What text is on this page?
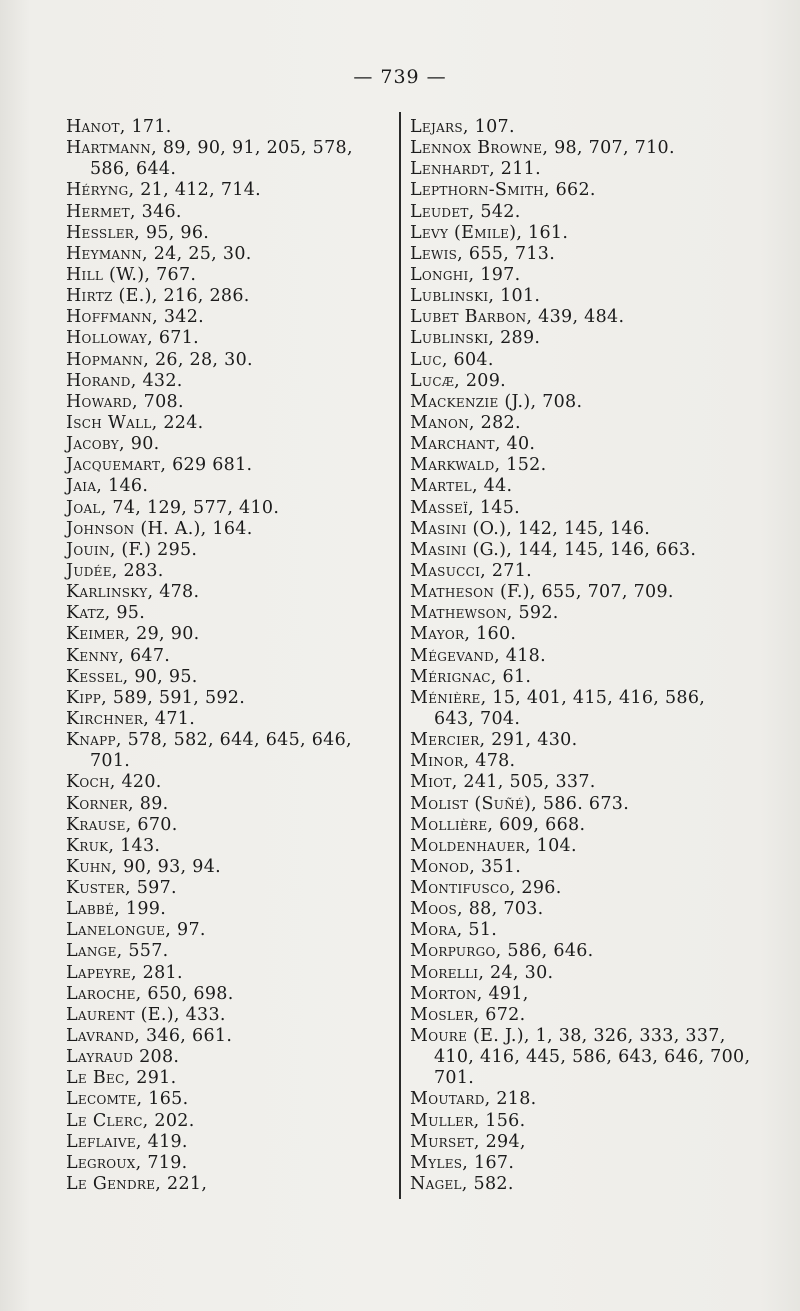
— 739 —

Hanot, 171.

Hartmann, 89, 90, 91, 205, 578,

586, 644.

Héryng, 21, 412, 714.

Hermet, 346.

Hessler, 95, 96.

Heymann, 24, 25, 30.

Hill (W.), 767.

Hirtz (E.), 216, 286.

Hoffmann, 342.

Holloway, 671.

Hopmann, 26, 28, 30.

Horand, 432.

Howard, 708.

Isch Wall, 224.

Jacoby, 90.

Jacquemart, 629 681.

Jaia, 146.

Joal, 74, 129, 577, 410.

Johnson (H. A.), 164.

Jouin, (F.) 295.

Judée, 283.

Karlinsky, 478.

Katz, 95.

Keimer, 29, 90.

Kenny, 647.

Kessel, 90, 95.

Kipp, 589, 591, 592.

Kirchner, 471.

Knapp, 578, 582, 644, 645, 646,

701.

Koch, 420.

Korner, 89.

Krause, 670.

Kruk, 143.

Kuhn, 90, 93, 94.

Kuster, 597.

Labbé, 199.

Lanelongue, 97.

Lange, 557.

Lapeyre, 281.

Laroche, 650, 698.

Laurent (E.), 433.

Lavrand, 346, 661.

Layraud 208.

Le Bec, 291.

Lecomte, 165.

Le Clerc, 202.

Leflaive, 419.

Legroux, 719.

Le Gendre, 221,

Lejars, 107.

Lennox Browne, 98, 707, 710.

Lenhardt, 211.

Lepthorn-Smith, 662.

Leudet, 542.

Levy (Emile), 161.

Lewis, 655, 713.

Longhi, 197.

Lublinski, 101.

Lubet Barbon, 439, 484.

Lublinski, 289.

Luc, 604.

Lucæ, 209.

Mackenzie (J.), 708.

Manon, 282.

Marchant, 40.

Markwald, 152.

Martel, 44.

Masseï, 145.

Masini (O.), 142, 145, 146.

Masini (G.), 144, 145, 146, 663.

Masucci, 271.

Matheson (F.), 655, 707, 709.

Mathewson, 592.

Mayor, 160.

Mégevand, 418.

Mérignac, 61.

Ménière, 15, 401, 415, 416, 586,

643, 704.

Mercier, 291, 430.

Minor, 478.

Miot, 241, 505, 337.

Molist (Suñé), 586. 673.

Mollière, 609, 668.

Moldenhauer, 104.

Monod, 351.

Montifusco, 296.

Moos, 88, 703.

Mora, 51.

Morpurgo, 586, 646.

Morelli, 24, 30.

Morton, 491,

Mosler, 672.

Moure (E. J.), 1, 38, 326, 333, 337,

410, 416, 445, 586, 643, 646, 700,

701.

Moutard, 218.

Muller, 156.

Murset, 294,

Myles, 167.

Nagel, 582.
